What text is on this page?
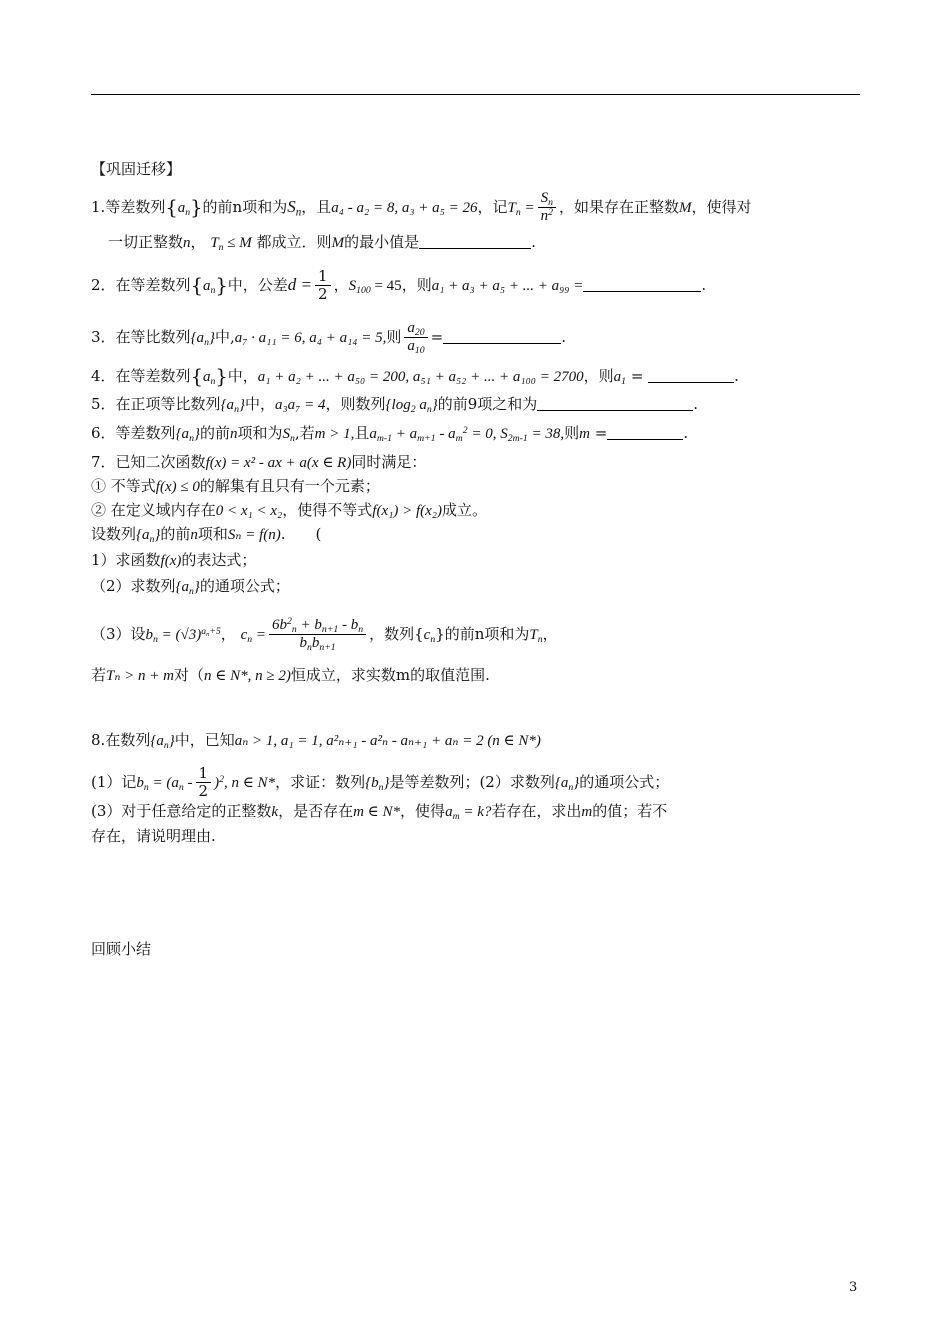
【巩固迁移】
1.等差数列$\{a_n\}$的前n项和为$S_n$，且a₄ - a₂ = 8, a₃ + a₅ = 26，记$T_n = \frac{S_n}{n^2}$ ，如果存在正整数M，使得对
一切正整数n， $T_n \le M$ 都成立．则M的最小值是	.
2．在等差数列$\{a_n\}$中，公差$d = \frac{1}{2}$ ，$S_{100} = 45$，则a₁ + a₃ + a₅ + ... + a₉₉ =	.
3．在等比数列$\{a_n\}$中,a₇ · a₁₁ = 6, a₄ + a₁₄ = 5,则 $\frac{a_{20}}{a_{10}}$ =	.
4．在等差数列$\{a_n\}$中，a₁ + a₂ + ... + a₅₀ = 200, a₅₁ + a₅₂ + ... + a₁₀₀ = 2700，则$a_1$ =	.
5．在正项等比数列$\{a_n\}$中，a₃a₇ = 4，则数列{$\log_2$ $a_n$}的前9项之和为	.
6．等差数列$\{a_n\}$的前n项和为$S_n$,若m > 1,且$a_{m-1} + a_{m+1} - a_m^2 = 0$, $S_{2m-1} = 38$,则m =	.
7．已知二次函数f(x) = x² - ax + a(x ∈ R)同时满足：
① 不等式f(x) ≤ 0的解集有且只有一个元素；
② 在定义域内存在0 < x₁ < x₂，使得不等式f(x₁) > f(x₂)成立。
设数列$\{a_n\}$的前n项和Sₙ = f(n).　　(
1）求函数f(x)的表达式；
（2）求数列$\{a_n\}$的通项公式；
（3）设$b_n = (√3)^{a_n+5}$， $c_n = \frac{6b^2_n + b_{n+1} - b_n}{b_nb_{n+1}}$ ，数列$\{c_n\}$的前n项和为$T_n$，
若Tₙ > n + m对（n ∈ N*, n ≥ 2)恒成立，求实数m的取值范围.
8.在数列$\{a_n\}$中，已知aₙ > 1, a₁ = 1, a²ₙ₊₁ - a²ₙ - aₙ₊₁ + aₙ = 2 (n ∈ N*)
(1）记$b_n = (a_n - \frac{1}{2} )^2$, n ∈ N*，求证：数列$\{b_n\}$是等差数列；(2）求数列$\{a_n\}$的通项公式；
(3）对于任意给定的正整数k，是否存在m ∈ N*，使得$a_m = k$?若存在，求出m的值；若不
存在，请说明理由.
回顾小结
3
